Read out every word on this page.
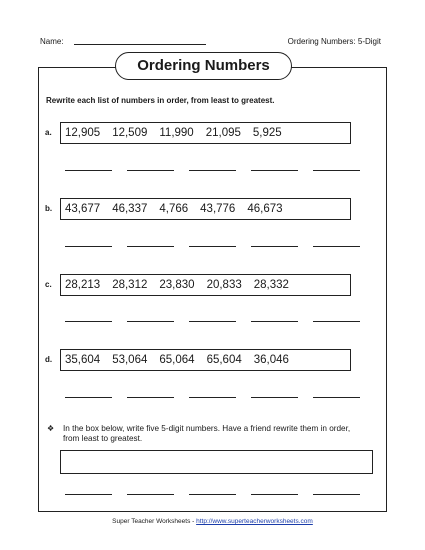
Name:	Ordering Numbers: 5-Digit
Ordering Numbers
Rewrite each list of numbers in order, from least to greatest.
a. 12,905 12,509 11,990 21,095 5,925
b. 43,677 46,337 4,766 43,776 46,673
c. 28,213 28,312 23,830 20,833 28,332
d. 35,604 53,064 65,064 65,604 36,046
❖ In the box below, write five 5-digit numbers. Have a friend rewrite them in order, from least to greatest.
Super Teacher Worksheets - http://www.superteacherworksheets.com
